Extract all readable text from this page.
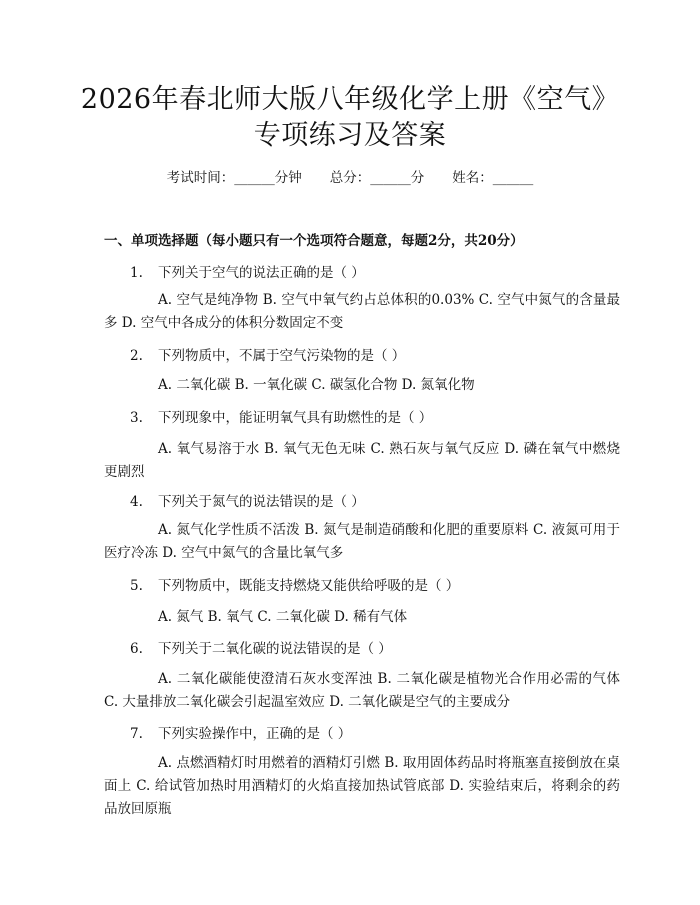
2026年春北师大版八年级化学上册《空气》
专项练习及答案
考试时间：______分钟 总分：______分 姓名：______
一、单项选择题（每小题只有一个选项符合题意，每题2分，共20分）
1. 下列关于空气的说法正确的是（ ）
A. 空气是纯净物 B. 空气中氧气约占总体积的0.03% C. 空气中氮气的含量最多 D. 空气中各成分的体积分数固定不变
2. 下列物质中，不属于空气污染物的是（ ）
A. 二氧化碳 B. 一氧化碳 C. 碳氢化合物 D. 氮氧化物
3. 下列现象中，能证明氧气具有助燃性的是（ ）
A. 氧气易溶于水 B. 氧气无色无味 C. 熟石灰与氧气反应 D. 磷在氧气中燃烧更剧烈
4. 下列关于氮气的说法错误的是（ ）
A. 氮气化学性质不活泼 B. 氮气是制造硝酸和化肥的重要原料 C. 液氮可用于医疗冷冻 D. 空气中氮气的含量比氧气多
5. 下列物质中，既能支持燃烧又能供给呼吸的是（ ）
A. 氮气 B. 氧气 C. 二氧化碳 D. 稀有气体
6. 下列关于二氧化碳的说法错误的是（ ）
A. 二氧化碳能使澄清石灰水变浑浊 B. 二氧化碳是植物光合作用必需的气体 C. 大量排放二氧化碳会引起温室效应 D. 二氧化碳是空气的主要成分
7. 下列实验操作中，正确的是（ ）
A. 点燃酒精灯时用燃着的酒精灯引燃 B. 取用固体药品时将瓶塞直接倒放在桌面上 C. 给试管加热时用酒精灯的火焰直接加热试管底部 D. 实验结束后，将剩余的药品放回原瓶
